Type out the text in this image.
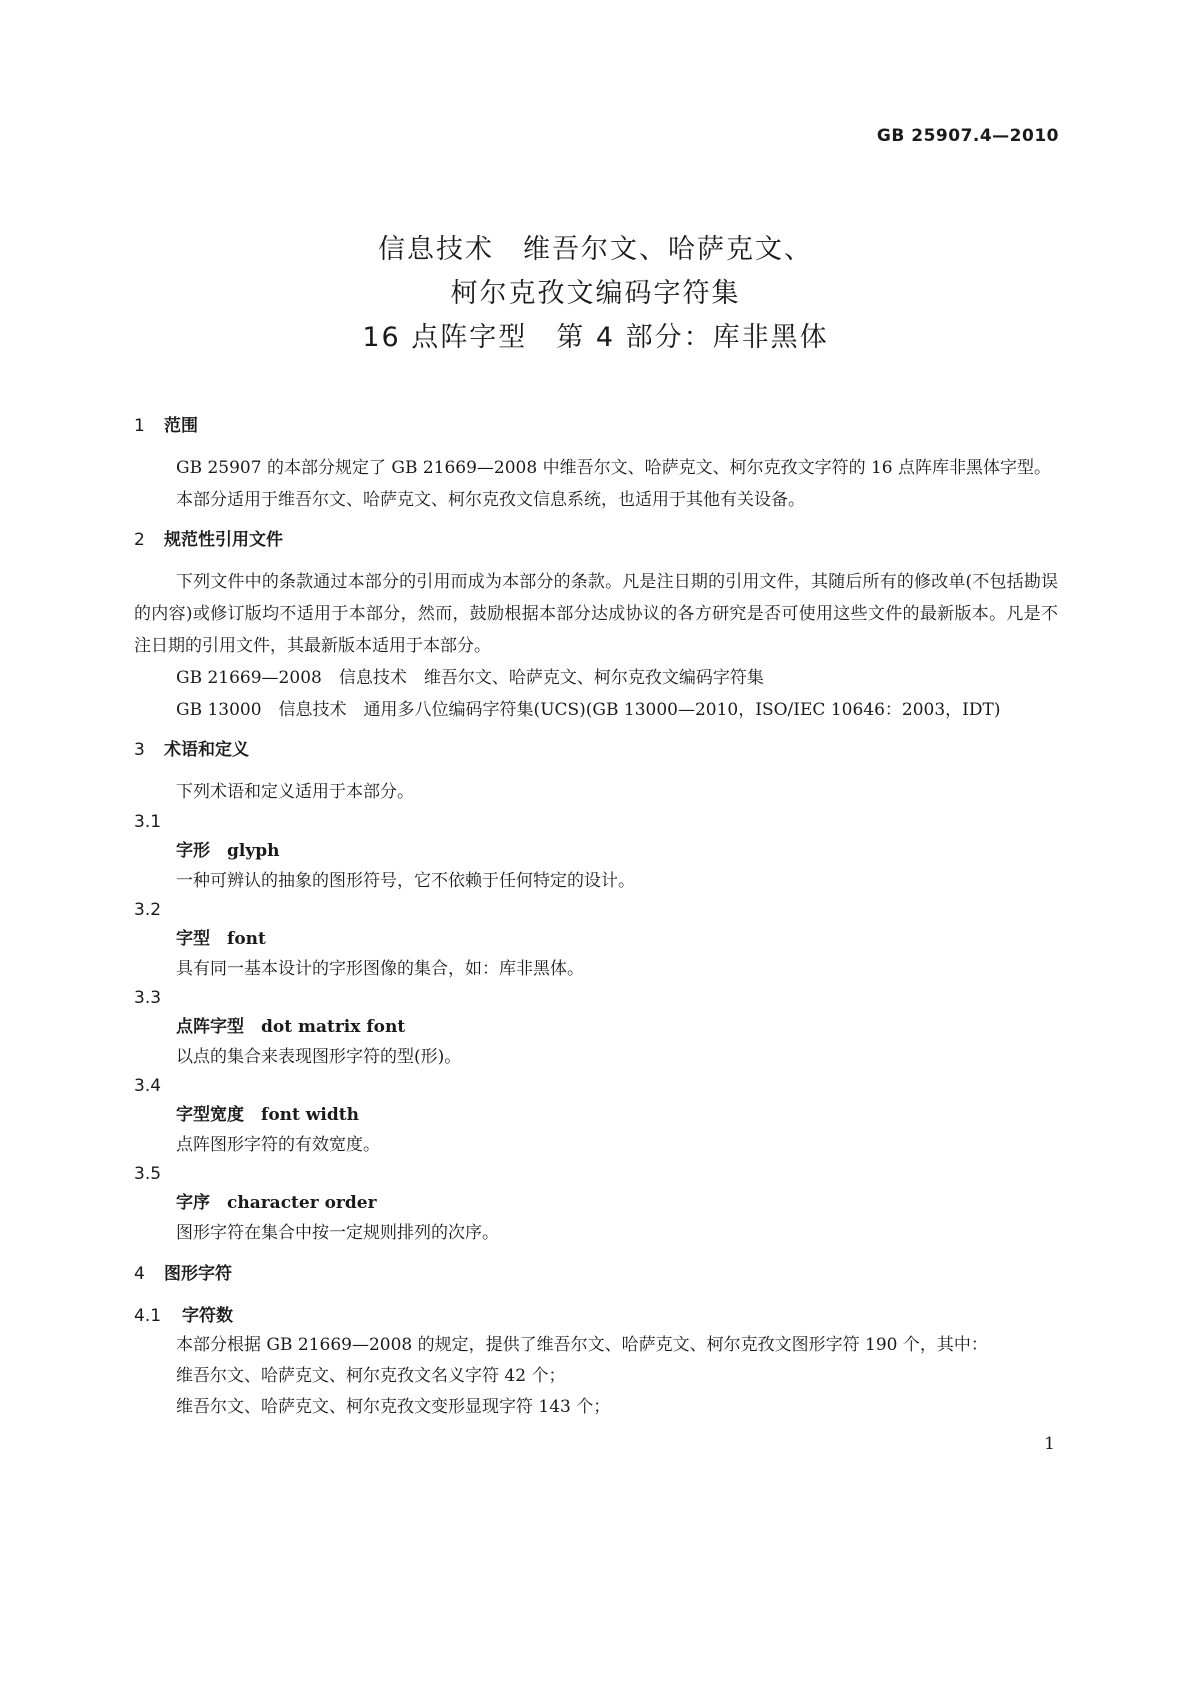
GB 25907.4—2010
信息技术　维吾尔文、哈萨克文、
柯尔克孜文编码字符集
16 点阵字型　第 4 部分：库非黑体
1 范围

GB 25907 的本部分规定了 GB 21669—2008 中维吾尔文、哈萨克文、柯尔克孜文字符的 16 点阵库非黑体字型。

本部分适用于维吾尔文、哈萨克文、柯尔克孜文信息系统，也适用于其他有关设备。

2 规范性引用文件

下列文件中的条款通过本部分的引用而成为本部分的条款。凡是注日期的引用文件，其随后所有的修改单(不包括勘误的内容)或修订版均不适用于本部分，然而，鼓励根据本部分达成协议的各方研究是否可使用这些文件的最新版本。凡是不注日期的引用文件，其最新版本适用于本部分。

GB 21669—2008　信息技术　维吾尔文、哈萨克文、柯尔克孜文编码字符集

GB 13000　信息技术　通用多八位编码字符集(UCS)(GB 13000—2010，ISO/IEC 10646：2003，IDT)

3 术语和定义

下列术语和定义适用于本部分。

3.1

字形　glyph

一种可辨认的抽象的图形符号，它不依赖于任何特定的设计。

3.2

字型　font

具有同一基本设计的字形图像的集合，如：库非黑体。

3.3

点阵字型　dot matrix font

以点的集合来表现图形字符的型(形)。

3.4

字型宽度　font width

点阵图形字符的有效宽度。

3.5

字序　character order

图形字符在集合中按一定规则排列的次序。

4 图形字符
4.1 字符数

本部分根据 GB 21669—2008 的规定，提供了维吾尔文、哈萨克文、柯尔克孜文图形字符 190 个，其中：

维吾尔文、哈萨克文、柯尔克孜文名义字符 42 个；

维吾尔文、哈萨克文、柯尔克孜文变形显现字符 143 个；

1
